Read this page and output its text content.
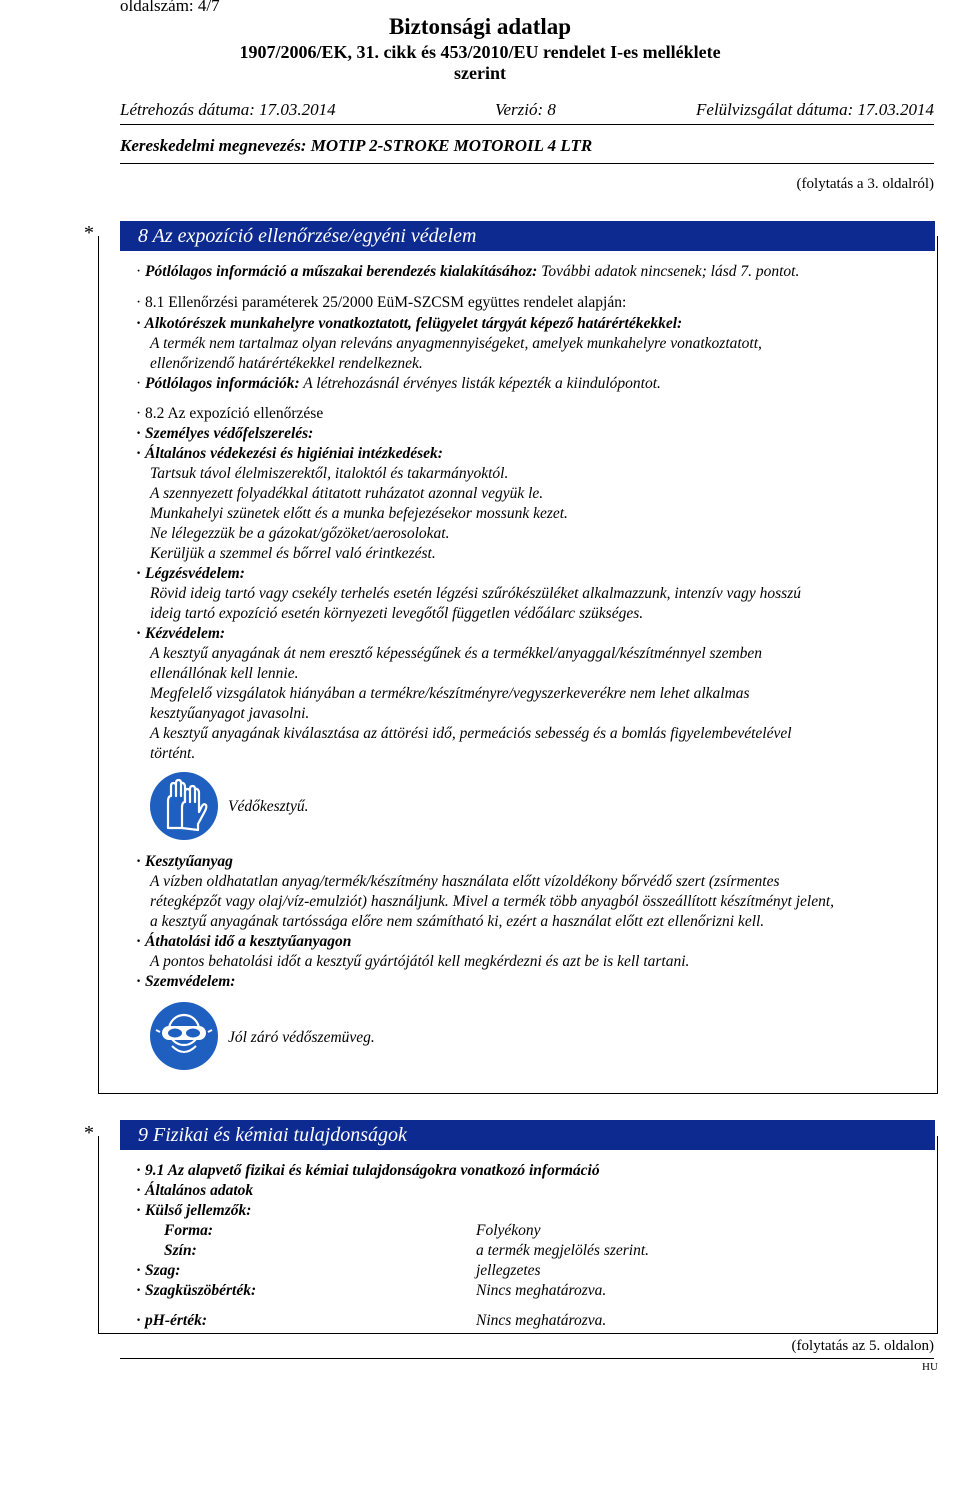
oldalszám: 4/7
Biztonsági adatlap
1907/2006/EK, 31. cikk és 453/2010/EU rendelet I-es melléklete
szerint
Létrehozás dátuma: 17.03.2014	Verzió: 8	Felülvizsgálat dátuma: 17.03.2014
Kereskedelmi megnevezés: MOTIP 2-STROKE MOTOROIL 4 LTR
(folytatás a 3. oldalról)
*	8 Az expozíció ellenőrzése/egyéni védelem
· Pótlólagos információ a műszakai berendezés kialakításához: További adatok nincsenek; lásd 7. pontot.
· 8.1 Ellenőrzési paraméterek 25/2000 EüM-SZCSM együttes rendelet alapján:
· Alkotórészek munkahelyre vonatkoztatott, felügyelet tárgyát képező határértékekkel:
A termék nem tartalmaz olyan releváns anyagmennyiségeket, amelyek munkahelyre vonatkoztatott,
ellenőrizendő határértékekkel rendelkeznek.
· Pótlólagos információk: A létrehozásnál érvényes listák képezték a kiindulópontot.
· 8.2 Az expozíció ellenőrzése
· Személyes védőfelszerelés:
· Általános védekezési és higiéniai intézkedések:
Tartsuk távol élelmiszerektől, italoktól és takarmányoktól.
A szennyezett folyadékkal átitatott ruházatot azonnal vegyük le.
Munkahelyi szünetek előtt és a munka befejezésekor mossunk kezet.
Ne lélegezzük be a gázokat/gőzöket/aerosolokat.
Kerüljük a szemmel és bőrrel való érintkezést.
· Légzésvédelem:
Rövid ideig tartó vagy csekély terhelés esetén légzési szűrókészüléket alkalmazzunk, intenzív vagy hosszú
ideig tartó expozíció esetén környezeti levegőtől független védőálarc szükséges.
· Kézvédelem:
A kesztyű anyagának át nem eresztő képességűnek és a termékkel/anyaggal/készítménnyel szemben
ellenállónak kell lennie.
Megfelelő vizsgálatok hiányában a termékre/készítményre/vegyszerkeverékre nem lehet alkalmas
kesztyűanyagot javasolni.
A kesztyű anyagának kiválasztása az áttörési idő, permeációs sebesség és a bomlás figyelembevételével
történt.
Védőkesztyű.
· Kesztyűanyag
A vízben oldhatatlan anyag/termék/készítmény használata előtt vízoldékony bőrvédő szert (zsírmentes
rétegképzőt vagy olaj/víz-emulziót) használjunk. Mivel a termék több anyagból összeállított készítményt jelent,
a kesztyű anyagának tartóssága előre nem számítható ki, ezért a használat előtt ezt ellenőrizni kell.
· Áthatolási idő a kesztyűanyagon
A pontos behatolási időt a kesztyű gyártójától kell megkérdezni és azt be is kell tartani.
· Szemvédelem:
Jól záró védőszemüveg.
*	9 Fizikai és kémiai tulajdonságok
· 9.1 Az alapvető fizikai és kémiai tulajdonságokra vonatkozó információ
· Általános adatok
· Külső jellemzők:
Forma:	Folyékony
Szín:	a termék megjelölés szerint.
· Szag:	jellegzetes
· Szagküszöbérték:	Nincs meghatározva.
· pH-érték:	Nincs meghatározva.
(folytatás az 5. oldalon)
HU
